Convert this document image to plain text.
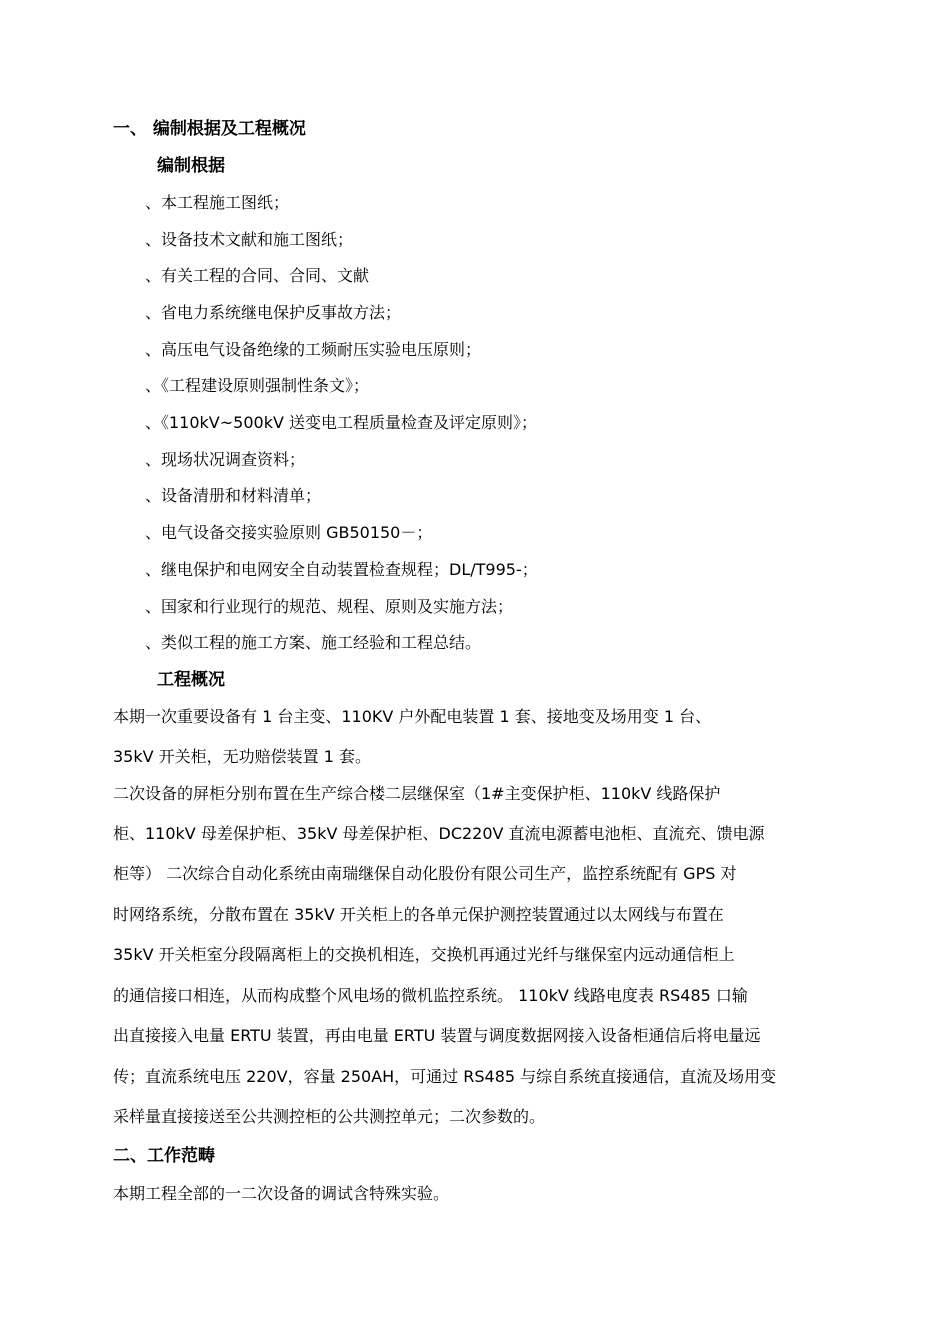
一、 编制根据及工程概况
编制根据
、本工程施工图纸；
、设备技术文献和施工图纸；
、有关工程的合同、合同、文献
、省电力系统继电保护反事故方法；
、高压电气设备绝缘的工频耐压实验电压原则；
、《工程建设原则强制性条文》；
、《110kV~500kV 送变电工程质量检查及评定原则》；
、现场状况调查资料；
、设备清册和材料清单；
、电气设备交接实验原则 GB50150－；
、继电保护和电网安全自动装置检查规程；DL/T995-；
、国家和行业现行的规范、规程、原则及实施方法；
、类似工程的施工方案、施工经验和工程总结。
工程概况
本期一次重要设备有 1 台主变、110KV 户外配电装置 1 套、接地变及场用变 1 台、
35kV 开关柜，无功赔偿装置 1 套。
二次设备的屏柜分别布置在生产综合楼二层继保室（1#主变保护柜、110kV 线路保护
柜、110kV 母差保护柜、35kV 母差保护柜、DC220V 直流电源蓄电池柜、直流充、馈电源
柜等） 二次综合自动化系统由南瑞继保自动化股份有限公司生产，监控系统配有 GPS 对
时网络系统，分散布置在 35kV 开关柜上的各单元保护测控装置通过以太网线与布置在
35kV 开关柜室分段隔离柜上的交换机相连，交换机再通过光纤与继保室内远动通信柜上
的通信接口相连，从而构成整个风电场的微机监控系统。 110kV 线路电度表 RS485 口输
出直接接入电量 ERTU 装置，再由电量 ERTU 装置与调度数据网接入设备柜通信后将电量远
传；直流系统电压 220V，容量 250AH，可通过 RS485 与综自系统直接通信，直流及场用变
采样量直接接送至公共测控柜的公共测控单元；二次参数的。
二、工作范畴
本期工程全部的一二次设备的调试含特殊实验。
